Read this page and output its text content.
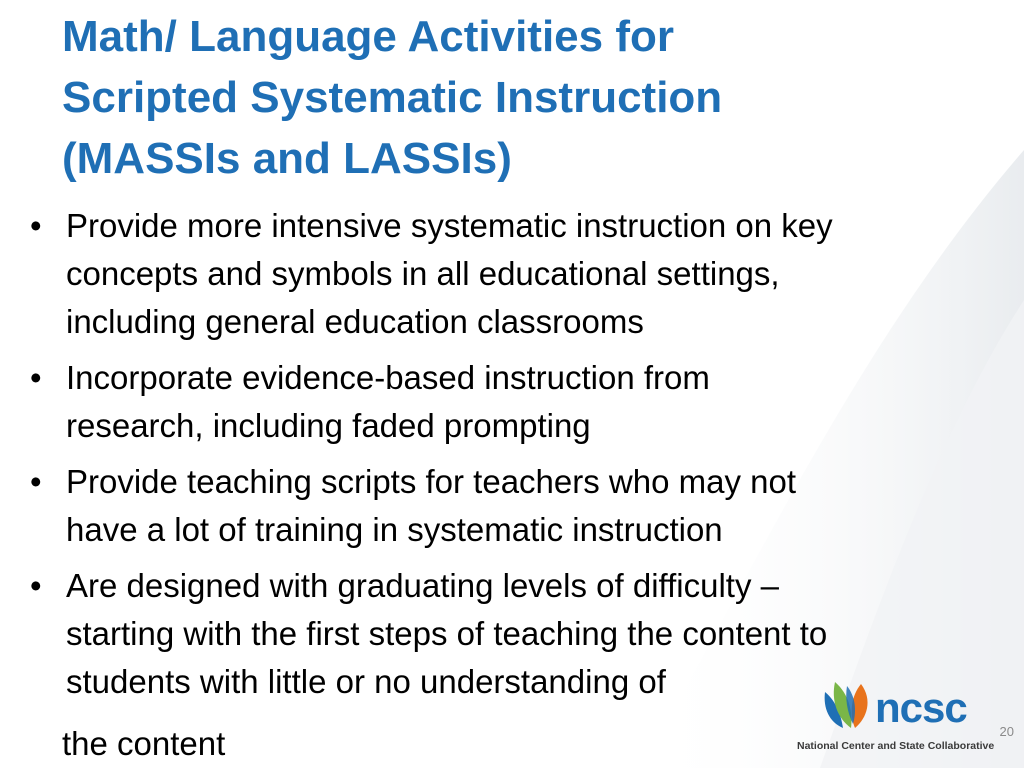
Math/ Language Activities for
Scripted Systematic Instruction
(MASSIs and LASSIs)
• Provide more intensive systematic instruction on key
concepts and symbols in all educational settings,
including general education classrooms
• Incorporate evidence-based instruction from
research, including faded prompting
• Provide teaching scripts for teachers who may not
have a lot of training in systematic instruction
• Are designed with graduating levels of difficulty –
starting with the first steps of teaching the content to
students with little or no understanding of

the content	20
ncsc
National Center and State Collaborative
